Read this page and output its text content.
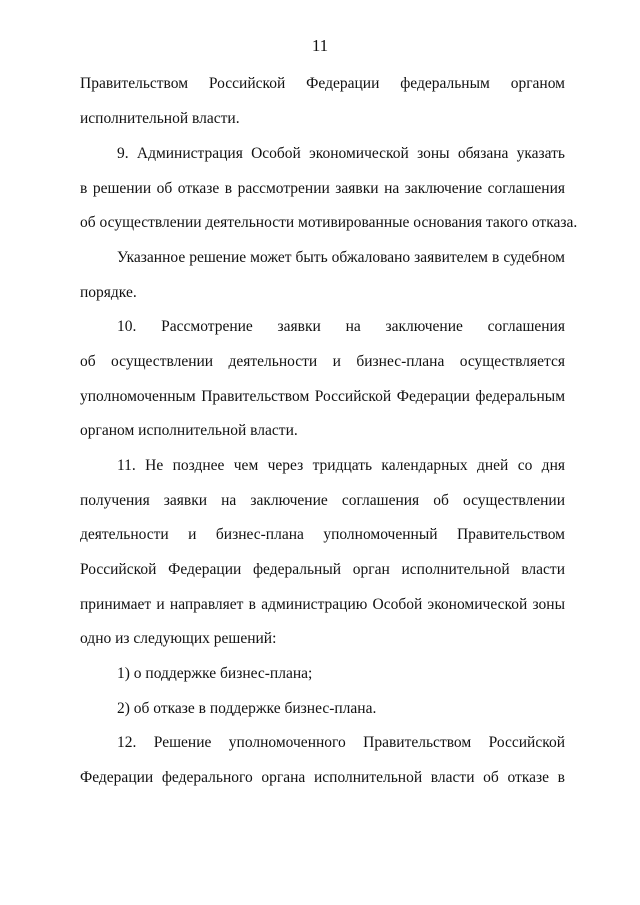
11
Правительством Российской Федерации федеральным органом
исполнительной власти.
9. Администрация Особой экономической зоны обязана указать
в решении об отказе в рассмотрении заявки на заключение соглашения
об осуществлении деятельности мотивированные основания такого отказа.
Указанное решение может быть обжаловано заявителем в судебном
порядке.
10. Рассмотрение заявки на заключение соглашения
об осуществлении деятельности и бизнес-плана осуществляется
уполномоченным Правительством Российской Федерации федеральным
органом исполнительной власти.
11. Не позднее чем через тридцать календарных дней со дня
получения заявки на заключение соглашения об осуществлении
деятельности и бизнес-плана уполномоченный Правительством
Российской Федерации федеральный орган исполнительной власти
принимает и направляет в администрацию Особой экономической зоны
одно из следующих решений:
1) о поддержке бизнес-плана;
2) об отказе в поддержке бизнес-плана.
12. Решение уполномоченного Правительством Российской
Федерации федерального органа исполнительной власти об отказе в
